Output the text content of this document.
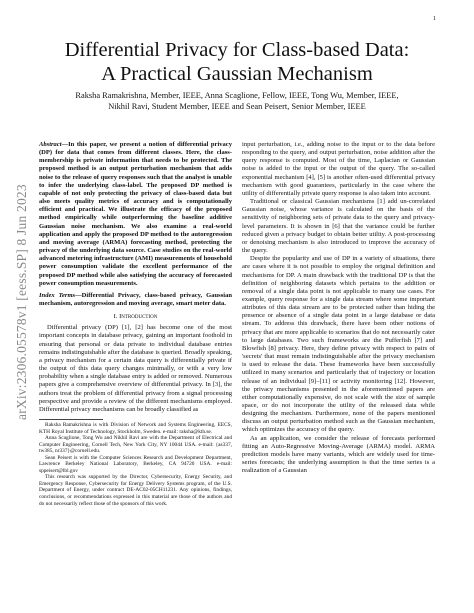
1
arXiv:2306.05578v1 [eess.SP] 8 Jun 2023
Differential Privacy for Class-based Data:
A Practical Gaussian Mechanism
Raksha Ramakrishna, Member, IEEE, Anna Scaglione, Fellow, IEEE, Tong Wu, Member, IEEE,
Nikhil Ravi, Student Member, IEEE and Sean Peisert, Senior Member, IEEE

Abstract—In this paper, we present a notion of differential privacy (DP) for data that comes from different classes. Here, the class-membership is private information that needs to be protected. The proposed method is an output perturbation mechanism that adds noise to the release of query responses such that the analyst is unable to infer the underlying class-label. The proposed DP method is capable of not only protecting the privacy of class-based data but also meets quality metrics of accuracy and is computationally efficient and practical. We illustrate the efficacy of the proposed method empirically while outperforming the baseline additive Gaussian noise mechanism. We also examine a real-world application and apply the proposed DP method to the autoregression and moving average (ARMA) forecasting method, protecting the privacy of the underlying data source. Case studies on the real-world advanced metering infrastructure (AMI) measurements of household power consumption validate the excellent performance of the proposed DP method while also satisfying the accuracy of forecasted power consumption measurements.

Index Terms—Differential Privacy, class-based privacy, Gaussian mechanism, autoregression and moving average, smart meter data.

I. Introduction

Differential privacy (DP) [1], [2] has become one of the most important concepts in database privacy, gaining an important foothold in ensuring that personal or data private to individual database entries remains indistinguishable after the database is queried. Broadly speaking, a privacy mechanism for a certain data query is differentially private if the output of this data query changes minimally, or with a very low probability when a single database entry is added or removed. Numerous papers give a comprehensive overview of differential privacy. In [3], the authors treat the problem of differential privacy from a signal processing perspective and provide a review of the different mechanisms employed. Differential privacy mechanisms can be broadly classified as

Raksha Ramakrishna is with Division of Network and Systems Engineering, EECS, KTH Royal Institute of Technology, Stockholm, Sweden. e-mail: raksha@kth.se.

Anna Scaglione, Tong Wu and Nikhil Ravi are with the Department of Electrical and Computer Engineering, Cornell Tech, New York City, NY 10044 USA. e-mail: {as337, tw385, nr337}@cornell.edu.

Sean Peisert is with the Computer Sciences Research and Development Department, Lawrence Berkeley National Laboratory, Berkeley, CA 94720 USA. e-mail: sppeisert@lbl.gov

This research was supported by the Director, Cybersecurity, Energy Security, and Emergency Response, Cybersecurity for Energy Delivery Systems program, of the U.S. Department of Energy, under contract DE-AC02-05CH11231. Any opinions, findings, conclusions, or recommendations expressed in this material are those of the authors and do not necessarily reflect those of the sponsors of this work.

input perturbation, i.e., adding noise to the input or to the data before responding to the query, and output perturbation, noise addition after the query response is computed. Most of the time, Laplacian or Gaussian noise is added to the input or the output of the query. The so-called exponential mechanism [4], [5] is another often-used differential privacy mechanism with good guarantees, particularly in the case where the utility of differentially private query response is also taken into account.

Traditional or classical Gaussian mechanisms [1] add un-correlated Gaussian noise, whose variance is calculated on the basis of the sensitivity of neighboring sets of private data to the query and privacy-level parameters. It is shown in [6] that the variance could be further reduced given a privacy budget to obtain better utility. A post-processing or denoising mechanism is also introduced to improve the accuracy of the query.

Despite the popularity and use of DP in a variety of situations, there are cases where it is not possible to employ the original definition and mechanisms for DP. A main drawback with the traditional DP is that the definition of neighboring datasets which pertains to the addition or removal of a single data point is not applicable to many use cases. For example, query response for a single data stream where some important attributes of this data stream are to be protected rather than hiding the presence or absence of a single data point in a large database or data stream. To address this drawback, there have been other notions of privacy that are more applicable to scenarios that do not necessarily cater to large databases. Two such frameworks are the Pufferfish [7] and Blowfish [8] privacy. Here, they define privacy with respect to pairs of 'secrets' that must remain indistinguishable after the privacy mechanism is used to release the data. These frameworks have been successfully utilized in many scenarios and particularly that of trajectory or location release of an individual [9]–[11] or activity monitoring [12]. However, the privacy mechanisms presented in the aforementioned papers are either computationally expensive, do not scale with the size of sample space, or do not incorporate the utility of the released data while designing the mechanism. Furthermore, none of the papers mentioned discuss an output perturbation method such as the Gaussian mechanism, which optimizes the accuracy of the query.

As an application, we consider the release of forecasts performed fitting an Auto-Regressive Moving-Average (ARMA) model. ARMA prediction models have many variants, which are widely used for time-series forecasts; the underlying assumption is that the time series is a realization of a Gaussian
